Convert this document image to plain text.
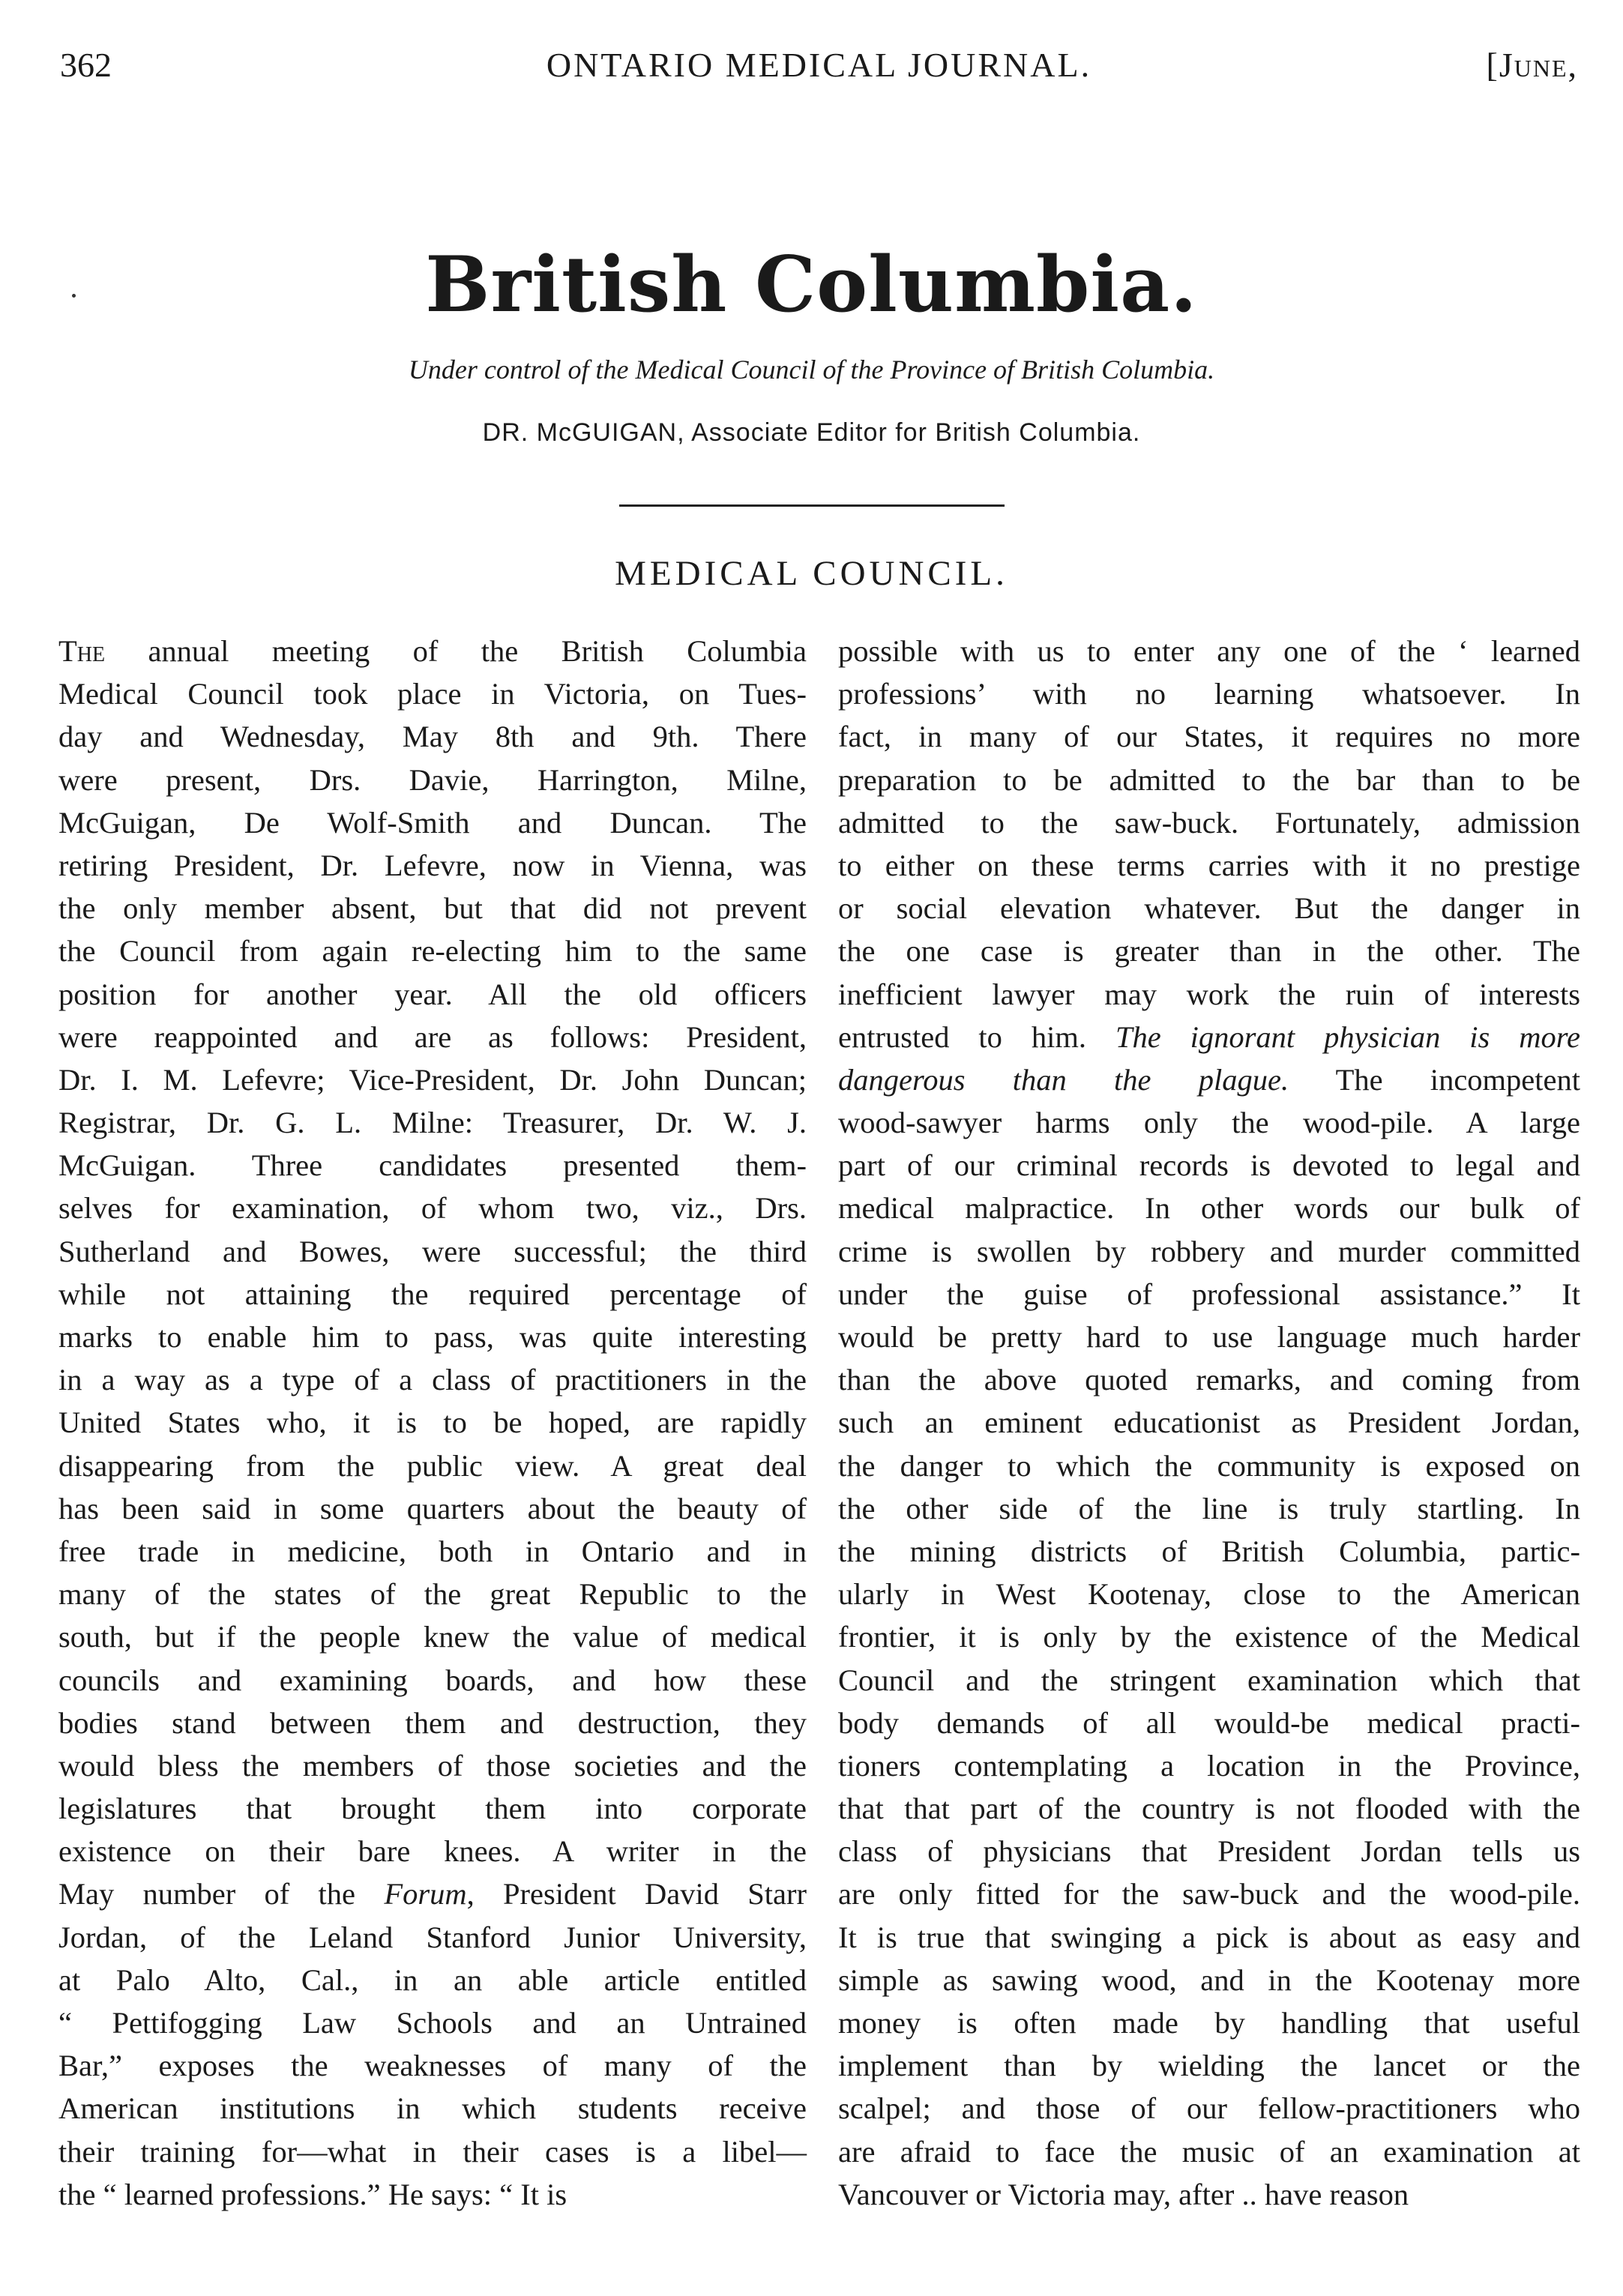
362	ONTARIO MEDICAL JOURNAL.	[June,
British Columbia.
Under control of the Medical Council of the Province of British Columbia.
DR. McGUIGAN, Associate Editor for British Columbia.
MEDICAL COUNCIL.
The annual meeting of the British Columbia
Medical Council took place in Victoria, on Tues-
day and Wednesday, May 8th and 9th. There
were present, Drs. Davie, Harrington, Milne,
McGuigan, De Wolf-Smith and Duncan. The
retiring President, Dr. Lefevre, now in Vienna, was
the only member absent, but that did not prevent
the Council from again re-electing him to the same
position for another year. All the old officers
were reappointed and are as follows: President,
Dr. I. M. Lefevre; Vice-President, Dr. John Duncan;
Registrar, Dr. G. L. Milne: Treasurer, Dr. W. J.
McGuigan. Three candidates presented them-
selves for examination, of whom two, viz., Drs.
Sutherland and Bowes, were successful; the third
while not attaining the required percentage of
marks to enable him to pass, was quite interesting
in a way as a type of a class of practitioners in the
United States who, it is to be hoped, are rapidly
disappearing from the public view. A great deal
has been said in some quarters about the beauty of
free trade in medicine, both in Ontario and in
many of the states of the great Republic to the
south, but if the people knew the value of medical
councils and examining boards, and how these
bodies stand between them and destruction, they
would bless the members of those societies and the
legislatures that brought them into corporate
existence on their bare knees. A writer in the
May number of the Forum, President David Starr
Jordan, of the Leland Stanford Junior University,
at Palo Alto, Cal., in an able article entitled
“ Pettifogging Law Schools and an Untrained
Bar,” exposes the weaknesses of many of the
American institutions in which students receive
their training for—what in their cases is a libel—
the “ learned professions.” He says: “ It is
possible with us to enter any one of the ‘ learned
professions’ with no learning whatsoever. In
fact, in many of our States, it requires no more
preparation to be admitted to the bar than to be
admitted to the saw-buck. Fortunately, admission
to either on these terms carries with it no prestige
or social elevation whatever. But the danger in
the one case is greater than in the other. The
inefficient lawyer may work the ruin of interests
entrusted to him. The ignorant physician is more
dangerous than the plague. The incompetent
wood-sawyer harms only the wood-pile. A large
part of our criminal records is devoted to legal and
medical malpractice. In other words our bulk of
crime is swollen by robbery and murder committed
under the guise of professional assistance.” It
would be pretty hard to use language much harder
than the above quoted remarks, and coming from
such an eminent educationist as President Jordan,
the danger to which the community is exposed on
the other side of the line is truly startling. In
the mining districts of British Columbia, partic-
ularly in West Kootenay, close to the American
frontier, it is only by the existence of the Medical
Council and the stringent examination which that
body demands of all would-be medical practi-
tioners contemplating a location in the Province,
that that part of the country is not flooded with the
class of physicians that President Jordan tells us
are only fitted for the saw-buck and the wood-pile.
It is true that swinging a pick is about as easy and
simple as sawing wood, and in the Kootenay more
money is often made by handling that useful
implement than by wielding the lancet or the
scalpel; and those of our fellow-practitioners who
are afraid to face the music of an examination at
Vancouver or Victoria may, after .. have reason
